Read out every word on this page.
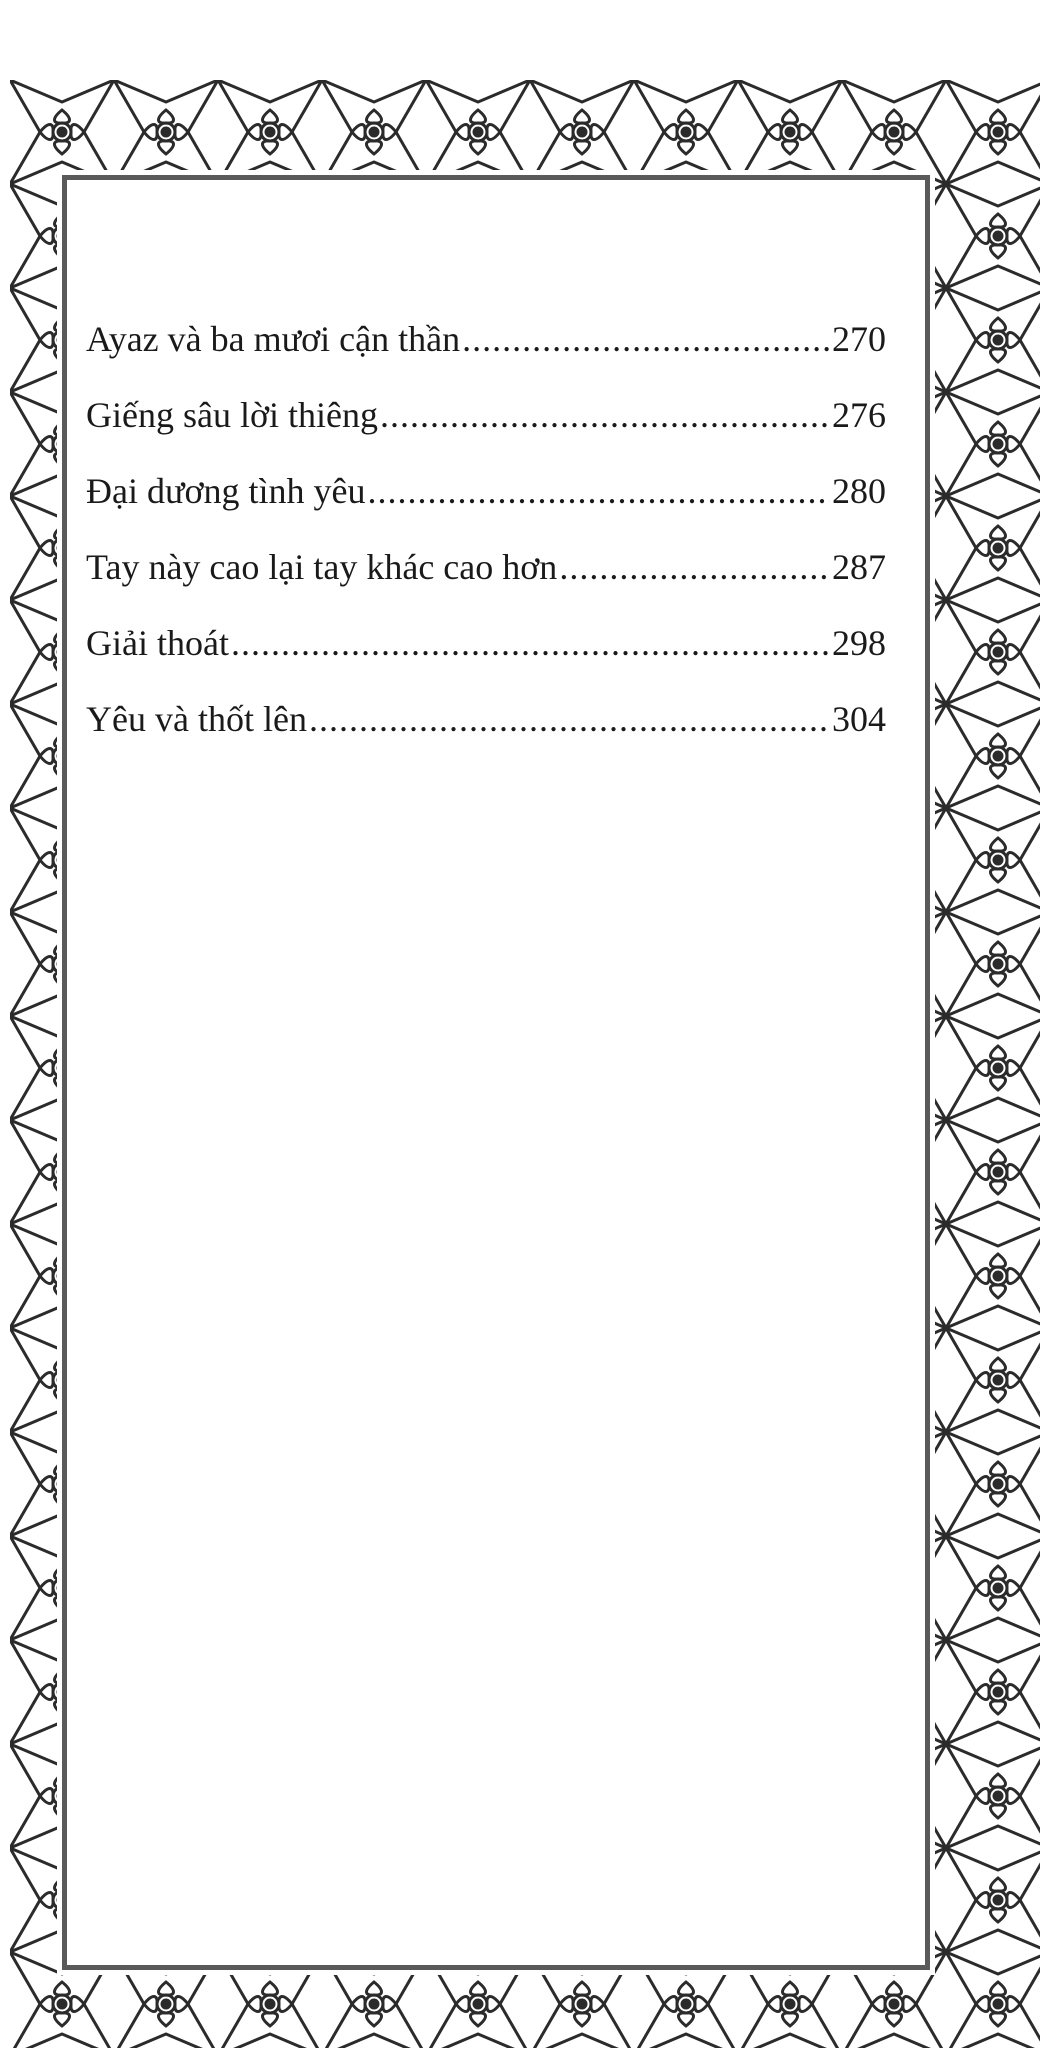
Ayaz và ba mươi cận thần .....	270
Giếng sâu lời thiêng .....	276
Đại dương tình yêu .....	280
Tay này cao lại tay khác cao hơn .....	287
Giải thoát .....	298
Yêu và thốt lên .....	304
